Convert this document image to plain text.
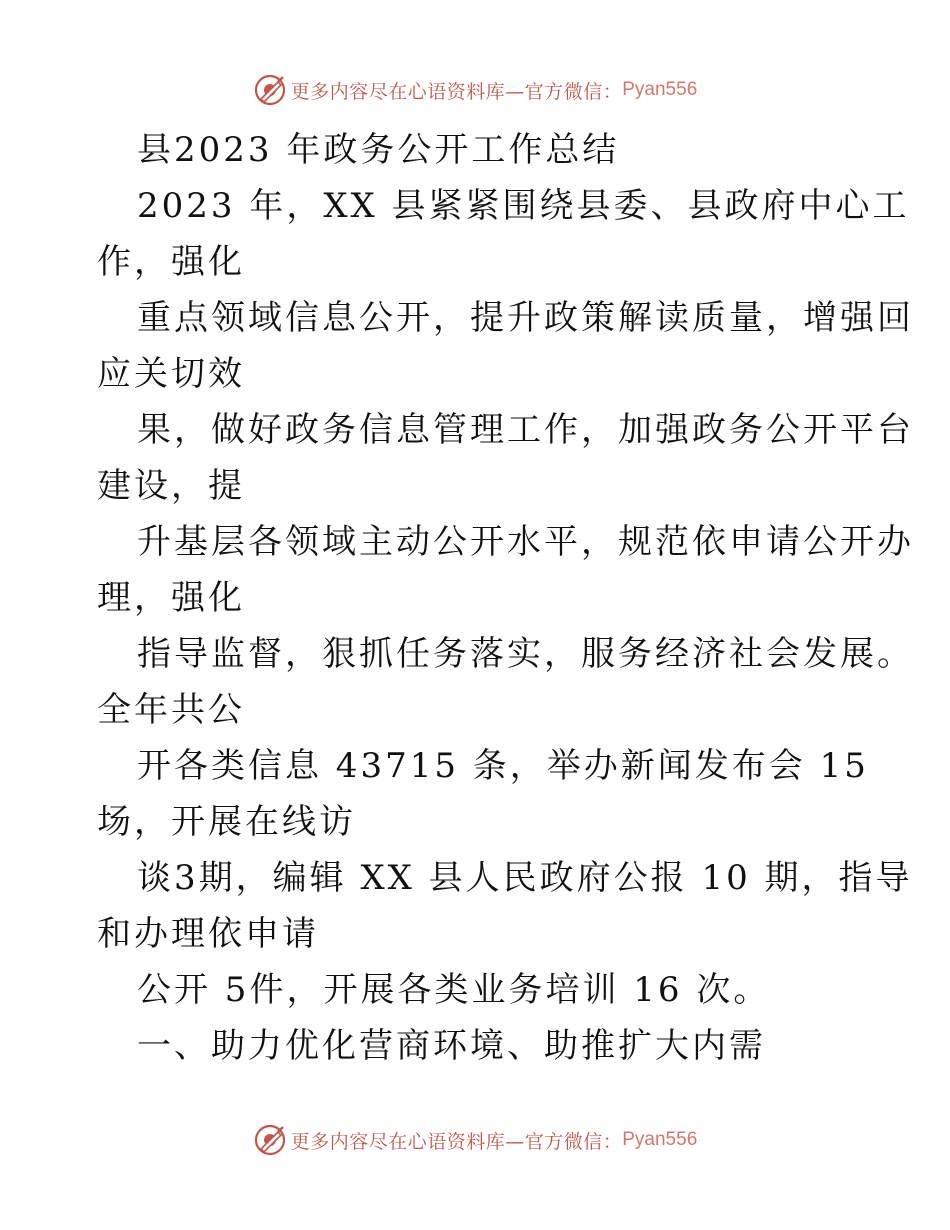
更多内容尽在心语资料库—官方微信： Pyan556
县2023 年政务公开工作总结
2023 年，XX 县紧紧围绕县委、县政府中心工
作，强化
重点领域信息公开，提升政策解读质量，增强回
应关切效
果，做好政务信息管理工作，加强政务公开平台
建设，提
升基层各领域主动公开水平，规范依申请公开办
理，强化
指导监督，狠抓任务落实，服务经济社会发展。
全年共公
开各类信息 43715 条，举办新闻发布会 15
场，开展在线访
谈3期，编辑 XX 县人民政府公报 10 期，指导
和办理依申请
公开 5件，开展各类业务培训 16 次。
一、助力优化营商环境、助推扩大内需
更多内容尽在心语资料库—官方微信： Pyan556
